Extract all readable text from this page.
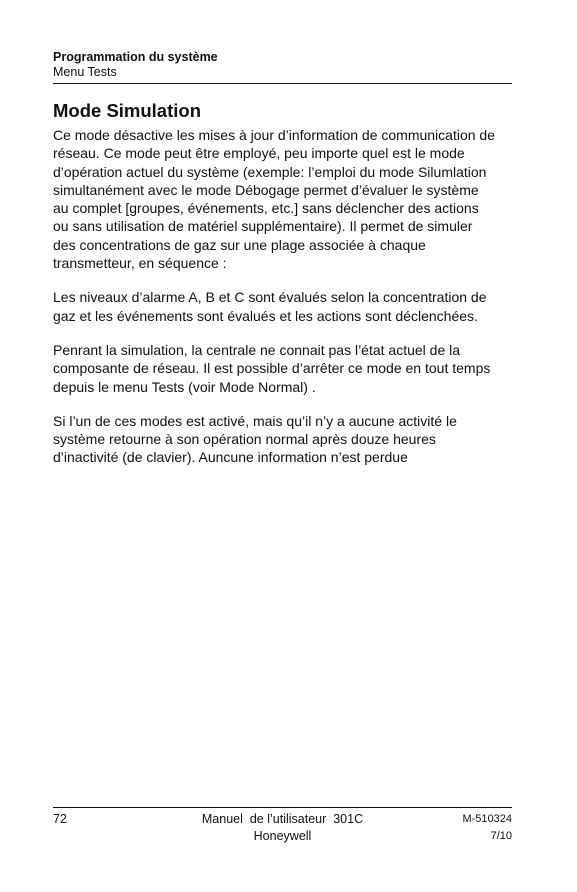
Programmation du système
Menu Tests
Mode Simulation

Ce mode désactive les mises à jour d’information de communication de
réseau. Ce mode peut être employé, peu importe quel est le mode
d’opération actuel du système (exemple: l’emploi du mode Silumlation
simultanément avec le mode Débogage permet d’évaluer le système
au complet [groupes, événements, etc.] sans déclencher des actions
ou sans utilisation de matériel supplémentaire). Il permet de simuler
des concentrations de gaz sur une plage associée à chaque
transmetteur, en séquence :

Les niveaux d’alarme A, B et C sont évalués selon la concentration de
gaz et les événements sont évalués et les actions sont déclenchées.

Penrant la simulation, la centrale ne connait pas l’état actuel de la
composante de réseau. Il est possible d’arrêter ce mode en tout temps
depuis le menu Tests (voir Mode Normal) .

Si l’un de ces modes est activé, mais qu’il n’y a aucune activité le
système retourne à son opération normal après douze heures
d’inactivité (de clavier). Auncune information n’est perdue

72	Manuel  de l’utilisateur  301C
Honeywell
M-510324
7/10
